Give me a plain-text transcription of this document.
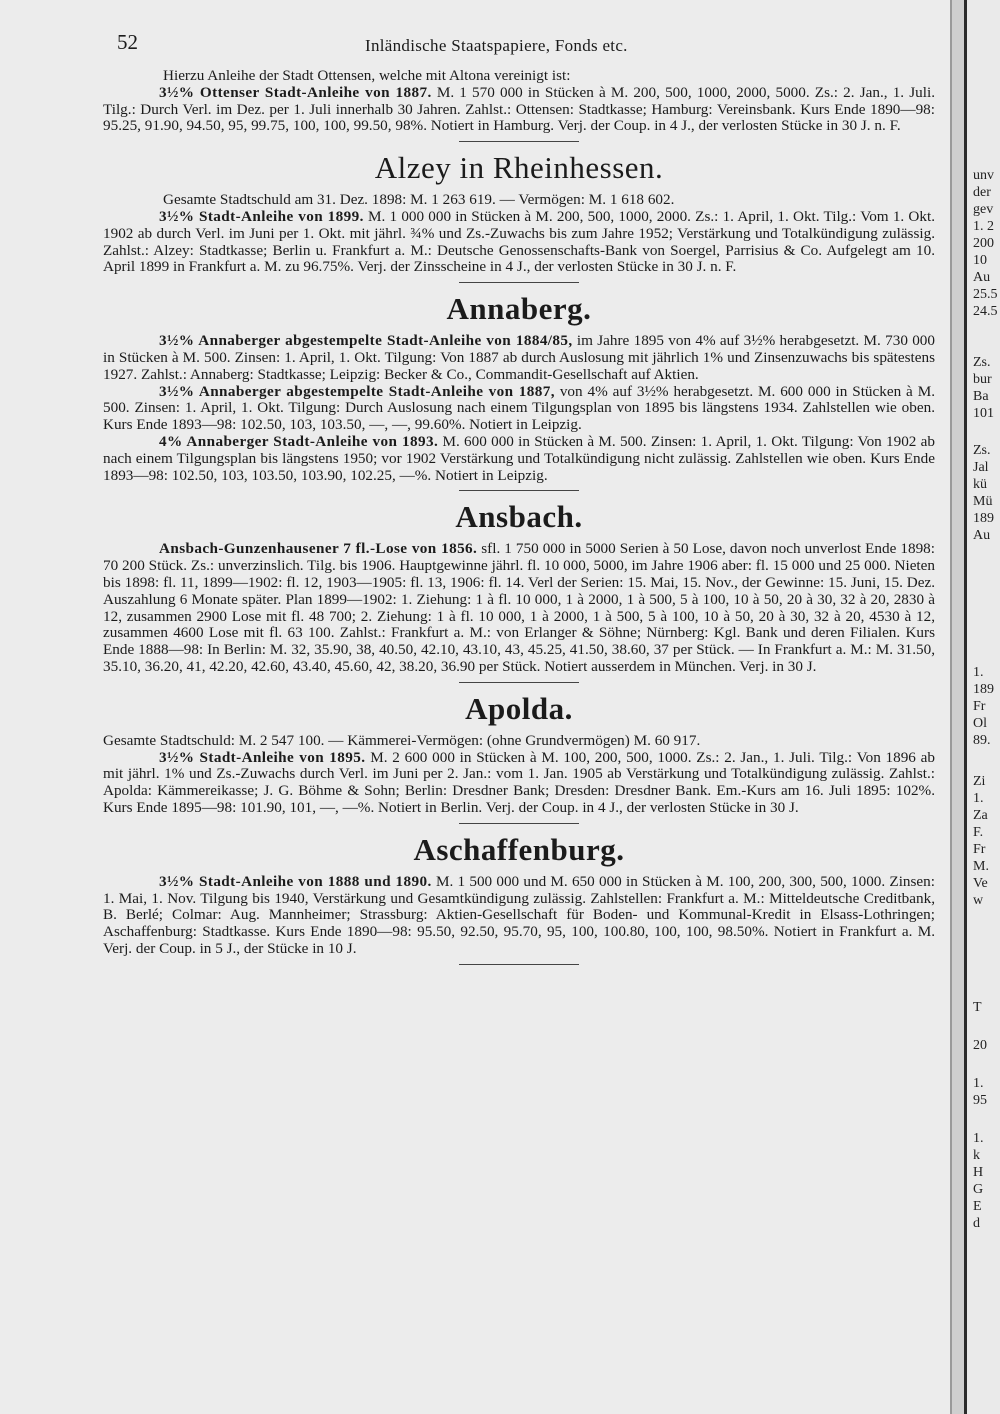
52	Inländische Staatspapiere, Fonds etc.

Hierzu Anleihe der Stadt Ottensen, welche mit Altona vereinigt ist:

3½% Ottenser Stadt-Anleihe von 1887. M. 1 570 000 in Stücken à M. 200, 500, 1000, 2000, 5000. Zs.: 2. Jan., 1. Juli. Tilg.: Durch Verl. im Dez. per 1. Juli innerhalb 30 Jahren. Zahlst.: Ottensen: Stadtkasse; Hamburg: Vereinsbank. Kurs Ende 1890—98: 95.25, 91.90, 94.50, 95, 99.75, 100, 100, 99.50, 98%. Notiert in Hamburg. Verj. der Coup. in 4 J., der verlosten Stücke in 30 J. n. F.

Alzey in Rheinhessen.

Gesamte Stadtschuld am 31. Dez. 1898: M. 1 263 619. — Vermögen: M. 1 618 602.

3½% Stadt-Anleihe von 1899. M. 1 000 000 in Stücken à M. 200, 500, 1000, 2000. Zs.: 1. April, 1. Okt. Tilg.: Vom 1. Okt. 1902 ab durch Verl. im Juni per 1. Okt. mit jährl. ¾% und Zs.-Zuwachs bis zum Jahre 1952; Verstärkung und Totalkündigung zulässig. Zahlst.: Alzey: Stadtkasse; Berlin u. Frankfurt a. M.: Deutsche Genossenschafts-Bank von Soergel, Parrisius & Co. Aufgelegt am 10. April 1899 in Frankfurt a. M. zu 96.75%. Verj. der Zinsscheine in 4 J., der verlosten Stücke in 30 J. n. F.

Annaberg.

3½% Annaberger abgestempelte Stadt-Anleihe von 1884/85, im Jahre 1895 von 4% auf 3½% herabgesetzt. M. 730 000 in Stücken à M. 500. Zinsen: 1. April, 1. Okt. Tilgung: Von 1887 ab durch Auslosung mit jährlich 1% und Zinsenzuwachs bis spätestens 1927. Zahlst.: Annaberg: Stadtkasse; Leipzig: Becker & Co., Commandit-Gesellschaft auf Aktien.

3½% Annaberger abgestempelte Stadt-Anleihe von 1887, von 4% auf 3½% herabgesetzt. M. 600 000 in Stücken à M. 500. Zinsen: 1. April, 1. Okt. Tilgung: Durch Auslosung nach einem Tilgungsplan von 1895 bis längstens 1934. Zahlstellen wie oben. Kurs Ende 1893—98: 102.50, 103, 103.50, —, —, 99.60%. Notiert in Leipzig.

4% Annaberger Stadt-Anleihe von 1893. M. 600 000 in Stücken à M. 500. Zinsen: 1. April, 1. Okt. Tilgung: Von 1902 ab nach einem Tilgungsplan bis längstens 1950; vor 1902 Verstärkung und Totalkündigung nicht zulässig. Zahlstellen wie oben. Kurs Ende 1893—98: 102.50, 103, 103.50, 103.90, 102.25, —%. Notiert in Leipzig.

Ansbach.

Ansbach-Gunzenhausener 7 fl.-Lose von 1856. sfl. 1 750 000 in 5000 Serien à 50 Lose, davon noch unverlost Ende 1898: 70 200 Stück. Zs.: unverzinslich. Tilg. bis 1906. Hauptgewinne jährl. fl. 10 000, 5000, im Jahre 1906 aber: fl. 15 000 und 25 000. Nieten bis 1898: fl. 11, 1899—1902: fl. 12, 1903—1905: fl. 13, 1906: fl. 14. Verl der Serien: 15. Mai, 15. Nov., der Gewinne: 15. Juni, 15. Dez. Auszahlung 6 Monate später. Plan 1899—1902: 1. Ziehung: 1 à fl. 10 000, 1 à 2000, 1 à 500, 5 à 100, 10 à 50, 20 à 30, 32 à 20, 2830 à 12, zusammen 2900 Lose mit fl. 48 700; 2. Ziehung: 1 à fl. 10 000, 1 à 2000, 1 à 500, 5 à 100, 10 à 50, 20 à 30, 32 à 20, 4530 à 12, zusammen 4600 Lose mit fl. 63 100. Zahlst.: Frankfurt a. M.: von Erlanger & Söhne; Nürnberg: Kgl. Bank und deren Filialen. Kurs Ende 1888—98: In Berlin: M. 32, 35.90, 38, 40.50, 42.10, 43.10, 43, 45.25, 41.50, 38.60, 37 per Stück. — In Frankfurt a. M.: M. 31.50, 35.10, 36.20, 41, 42.20, 42.60, 43.40, 45.60, 42, 38.20, 36.90 per Stück. Notiert ausserdem in München. Verj. in 30 J.

Apolda.

Gesamte Stadtschuld: M. 2 547 100. — Kämmerei-Vermögen: (ohne Grundvermögen) M. 60 917.

3½% Stadt-Anleihe von 1895. M. 2 600 000 in Stücken à M. 100, 200, 500, 1000. Zs.: 2. Jan., 1. Juli. Tilg.: Von 1896 ab mit jährl. 1% und Zs.-Zuwachs durch Verl. im Juni per 2. Jan.: vom 1. Jan. 1905 ab Verstärkung und Totalkündigung zulässig. Zahlst.: Apolda: Kämmereikasse; J. G. Böhme & Sohn; Berlin: Dresdner Bank; Dresden: Dresdner Bank. Em.-Kurs am 16. Juli 1895: 102%. Kurs Ende 1895—98: 101.90, 101, —, —%. Notiert in Berlin. Verj. der Coup. in 4 J., der verlosten Stücke in 30 J.

Aschaffenburg.

3½% Stadt-Anleihe von 1888 und 1890. M. 1 500 000 und M. 650 000 in Stücken à M. 100, 200, 300, 500, 1000. Zinsen: 1. Mai, 1. Nov. Tilgung bis 1940, Verstärkung und Gesamtkündigung zulässig. Zahlstellen: Frankfurt a. M.: Mitteldeutsche Creditbank, B. Berlé; Colmar: Aug. Mannheimer; Strassburg: Aktien-Gesellschaft für Boden- und Kommunal-Kredit in Elsass-Lothringen; Aschaffenburg: Stadtkasse. Kurs Ende 1890—98: 95.50, 92.50, 95.70, 95, 100, 100.80, 100, 100, 98.50%. Notiert in Frankfurt a. M. Verj. der Coup. in 5 J., der Stücke in 10 J.

unv
der
gev
1. 2
200
10
Au
25.5
24.5
Zs.
bur
Ba
101
Zs.
Jal
kü
Mü
189
Au
1.
189
Fr
Ol
89.
Zi
1.
Za
F.
Fr
M.
Ve
w
T
20
1.
95
1.
k
H
G
E
d
